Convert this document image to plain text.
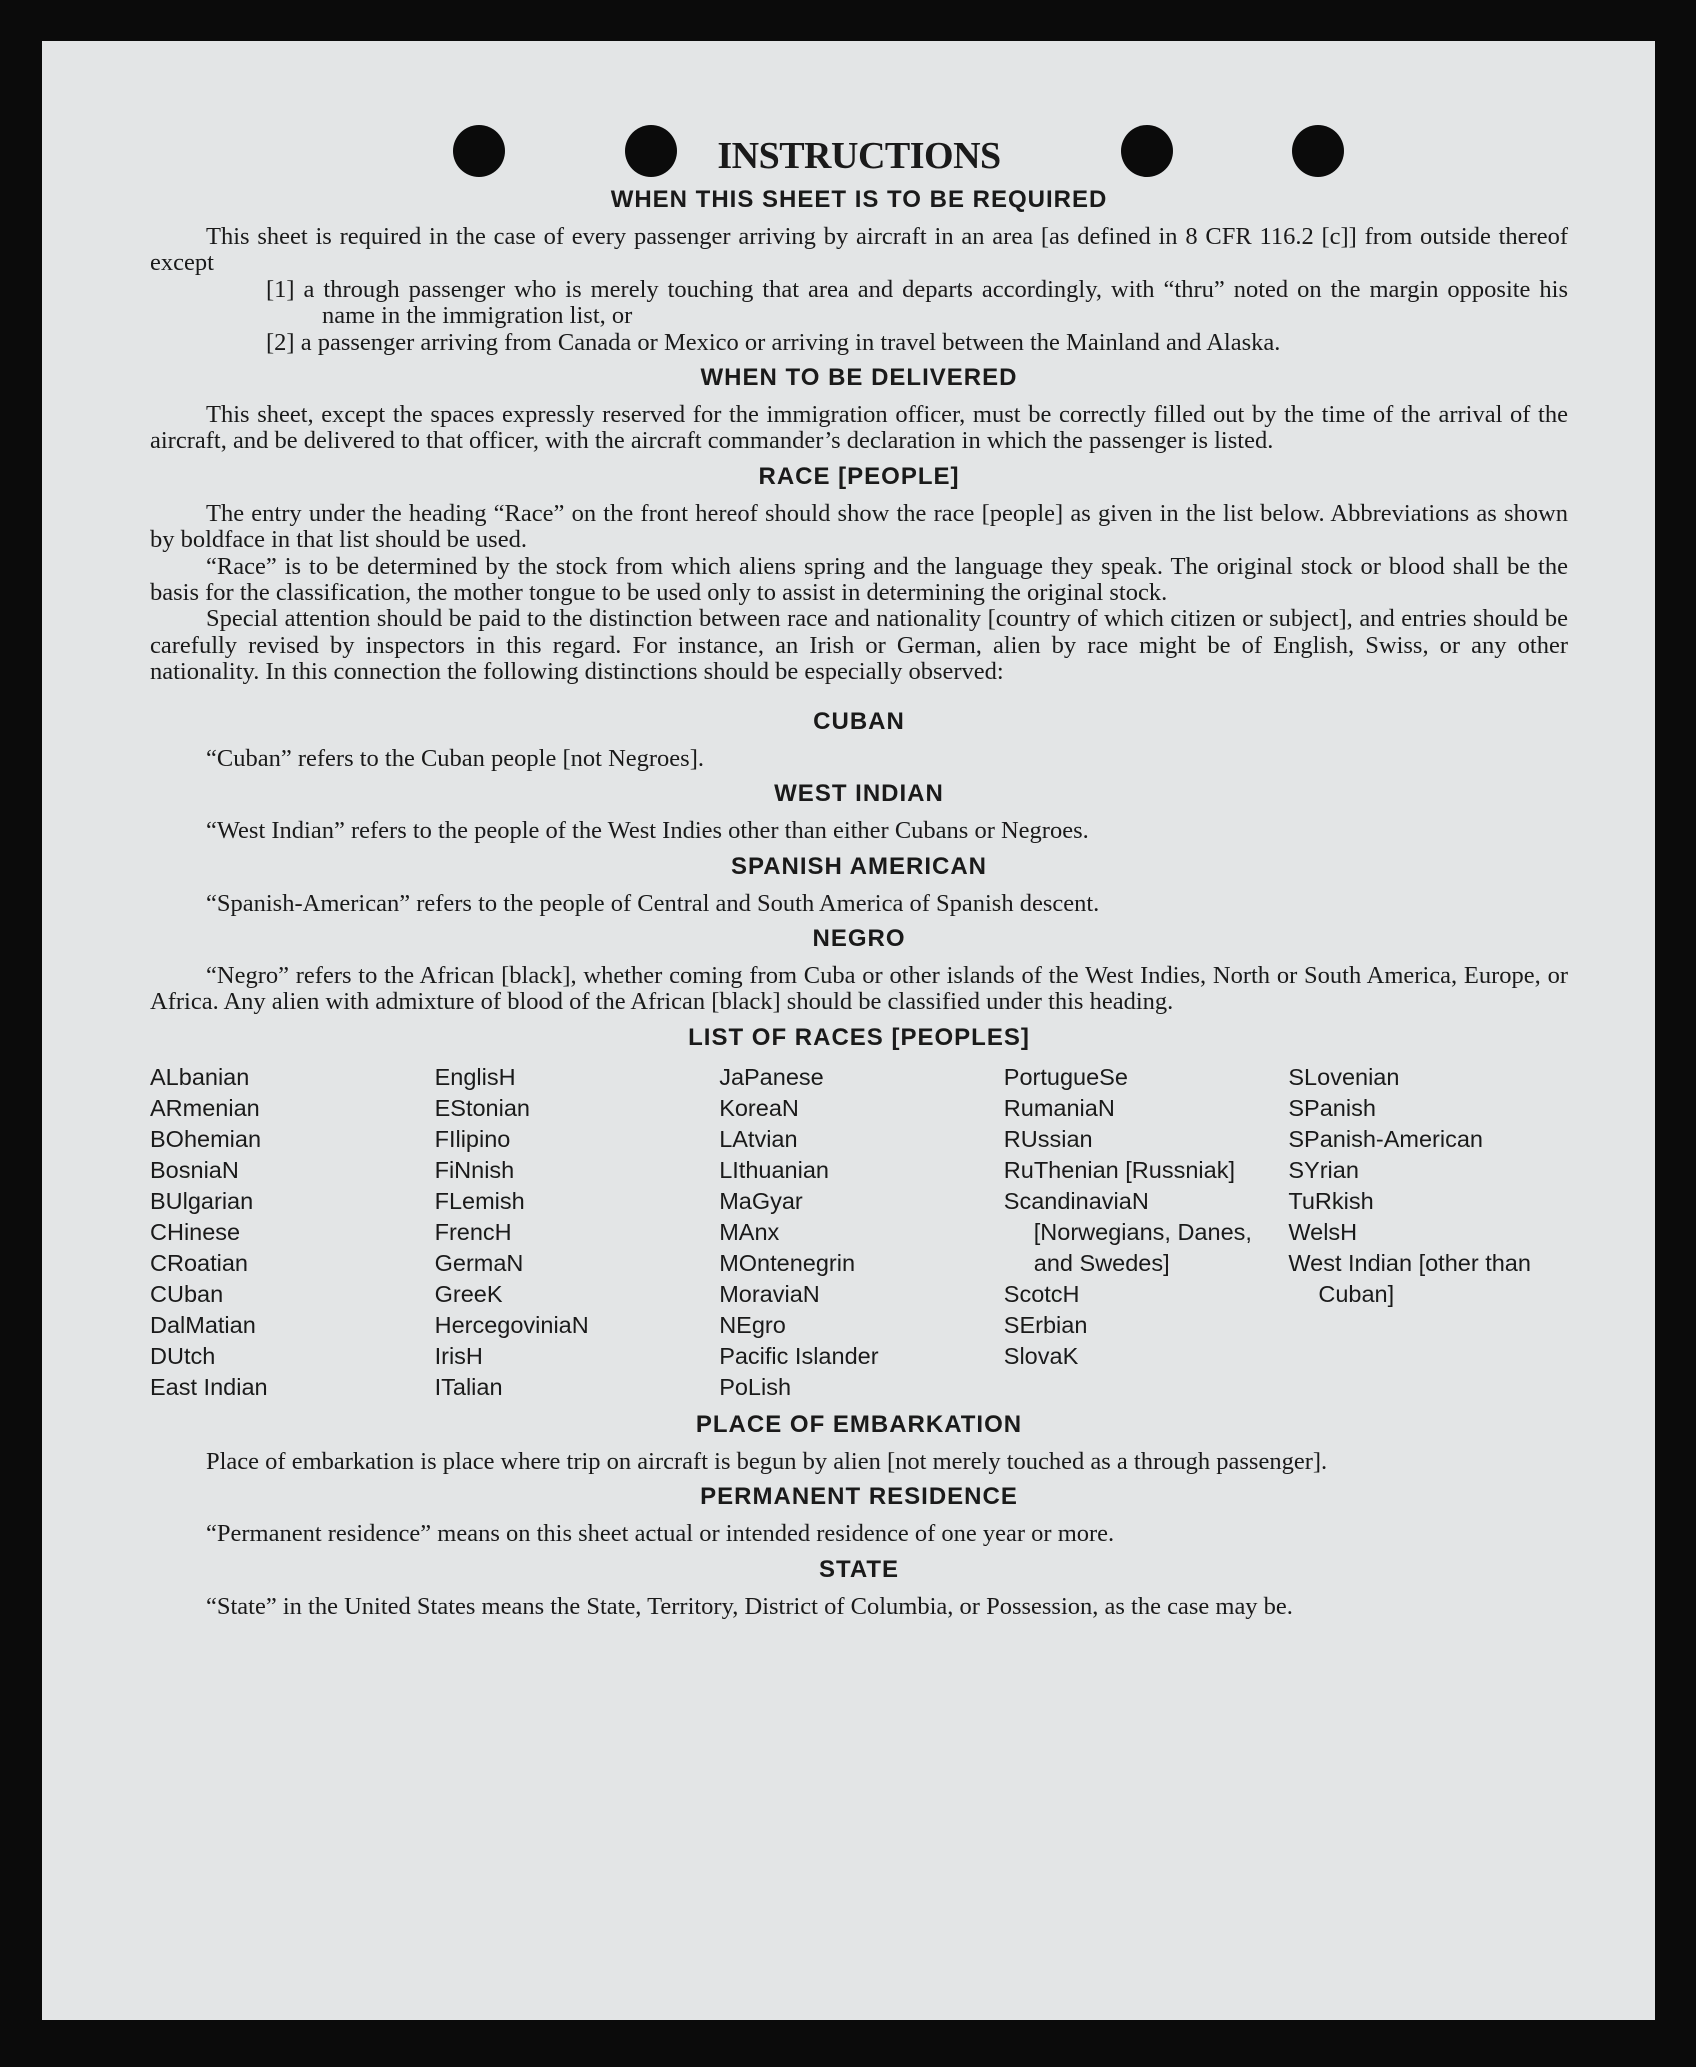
INSTRUCTIONS
WHEN THIS SHEET IS TO BE REQUIRED

This sheet is required in the case of every passenger arriving by aircraft in an area [as defined in 8 CFR 116.2 [c]] from outside thereof except

[1] a through passenger who is merely touching that area and departs accordingly, with “thru” noted on the margin opposite his name in the immigration list, or

[2] a passenger arriving from Canada or Mexico or arriving in travel between the Mainland and Alaska.

WHEN TO BE DELIVERED

This sheet, except the spaces expressly reserved for the immigration officer, must be correctly filled out by the time of the arrival of the aircraft, and be delivered to that officer, with the aircraft commander’s declaration in which the passenger is listed.

RACE [PEOPLE]

The entry under the heading “Race” on the front hereof should show the race [people] as given in the list below. Abbreviations as shown by boldface in that list should be used.

“Race” is to be determined by the stock from which aliens spring and the language they speak. The original stock or blood shall be the basis for the classification, the mother tongue to be used only to assist in determining the original stock.

Special attention should be paid to the distinction between race and nationality [country of which citizen or subject], and entries should be carefully revised by inspectors in this regard. For instance, an Irish or German, alien by race might be of English, Swiss, or any other nationality. In this connection the following distinctions should be especially observed:

CUBAN

“Cuban” refers to the Cuban people [not Negroes].

WEST INDIAN

“West Indian” refers to the people of the West Indies other than either Cubans or Negroes.

SPANISH AMERICAN

“Spanish-American” refers to the people of Central and South America of Spanish descent.

NEGRO

“Negro” refers to the African [black], whether coming from Cuba or other islands of the West Indies, North or South America, Europe, or Africa. Any alien with admixture of blood of the African [black] should be classified under this heading.

LIST OF RACES [PEOPLES]
ALbanian
ARmenian
BOhemian
BosniaN
BUlgarian
CHinese
CRoatian
CUban
DalMatian
DUtch
East Indian
EnglisH
EStonian
FIlipino
FiNnish
FLemish
FrencH
GermaN
GreeK
HercegoviniaN
IrisH
ITalian
JaPanese
KoreaN
LAtvian
LIthuanian
MaGyar
MAnx
MOntenegrin
MoraviaN
NEgro
Pacific Islander
PoLish
PortugueSe
RumaniaN
RUssian
RuThenian [Russniak]
ScandinaviaN [Norwegians, Danes, and Swedes]
ScotcH
SErbian
SlovaK
SLovenian
SPanish
SPanish-American
SYrian
TuRkish
WelsH
West Indian [other than Cuban]
PLACE OF EMBARKATION

Place of embarkation is place where trip on aircraft is begun by alien [not merely touched as a through passenger].

PERMANENT RESIDENCE

“Permanent residence” means on this sheet actual or intended residence of one year or more.

STATE

“State” in the United States means the State, Territory, District of Columbia, or Possession, as the case may be.
